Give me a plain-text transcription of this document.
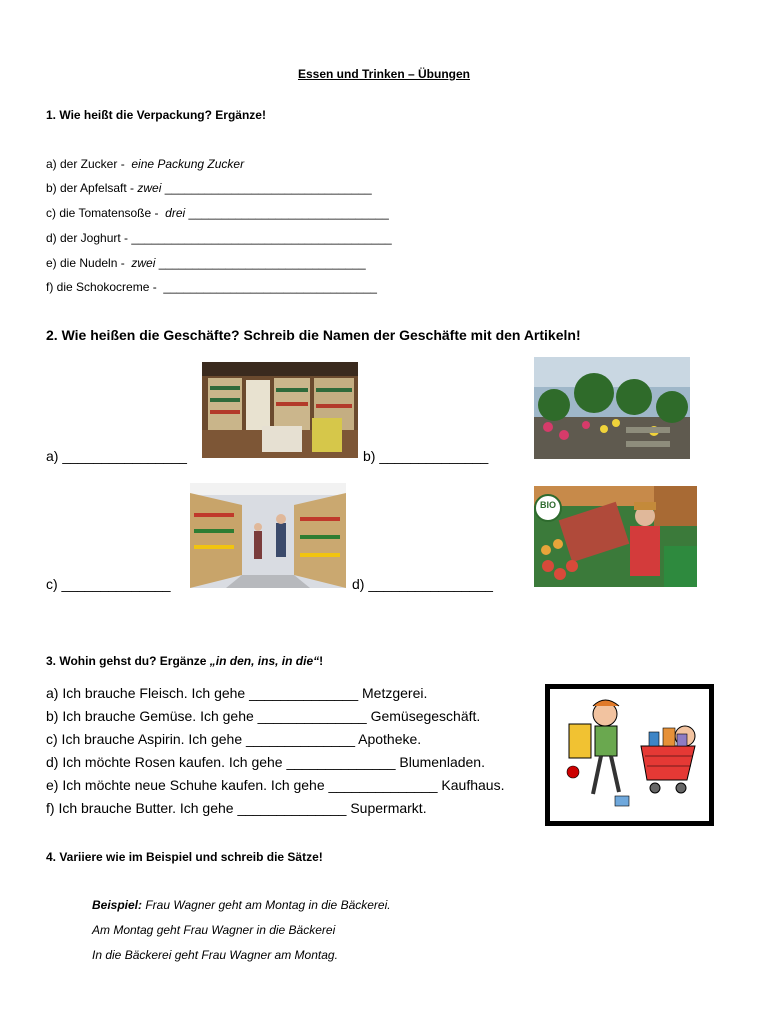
Essen und Trinken – Übungen
1. Wie heißt die Verpackung? Ergänze!
a) der Zucker - eine Packung Zucker
b) der Apfelsaft - zwei _______________________________
c) die Tomatensoße - drei ______________________________
d) der Joghurt - _______________________________________
e) die Nudeln - zwei _______________________________
f) die Schokocreme - ________________________________
2. Wie heißen die Geschäfte? Schreib die Namen der Geschäfte mit den Artikeln!
a) ________________	b) ______________
BIO
c) ______________	d) ________________
3. Wohin gehst du? Ergänze „in den, ins, in die“!
a) Ich brauche Fleisch. Ich gehe ______________ Metzgerei.
b) Ich brauche Gemüse. Ich gehe ______________ Gemüsegeschäft.
c) Ich brauche Aspirin. Ich gehe ______________ Apotheke.
d) Ich möchte Rosen kaufen. Ich gehe ______________ Blumenladen.
e) Ich möchte neue Schuhe kaufen. Ich gehe ______________ Kaufhaus.
f) Ich brauche Butter. Ich gehe ______________ Supermarkt.
4. Variiere wie im Beispiel und schreib die Sätze!
Beispiel: Frau Wagner geht am Montag in die Bäckerei.
Am Montag geht Frau Wagner in die Bäckerei
In die Bäckerei geht Frau Wagner am Montag.
